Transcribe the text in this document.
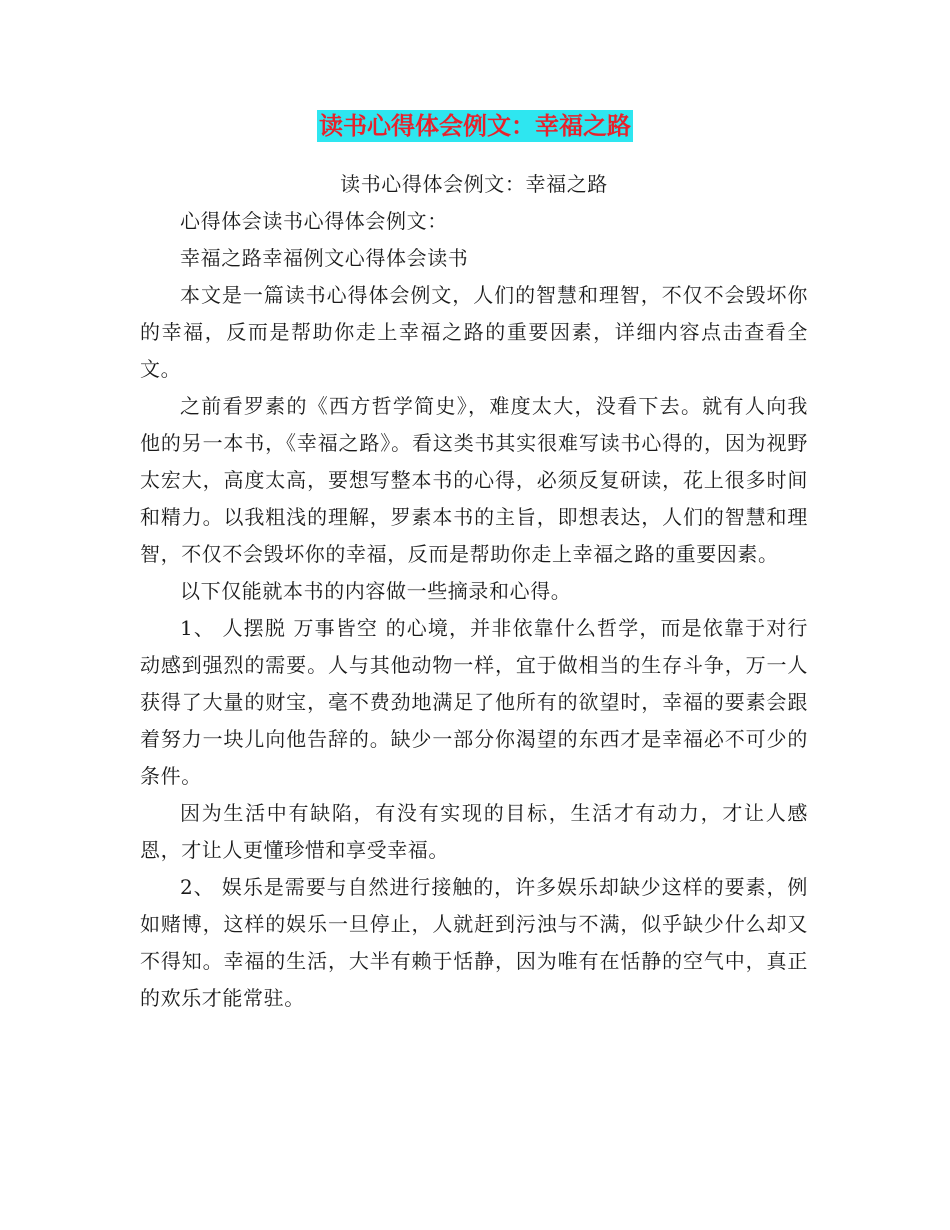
读书心得体会例文：幸福之路

读书心得体会例文：幸福之路

心得体会读书心得体会例文：

幸福之路幸福例文心得体会读书

本文是一篇读书心得体会例文，人们的智慧和理智，不仅不会毁坏你的幸福，反而是帮助你走上幸福之路的重要因素，详细内容点击查看全文。

之前看罗素的《西方哲学简史》，难度太大，没看下去。就有人向我他的另一本书，《幸福之路》。看这类书其实很难写读书心得的，因为视野太宏大，高度太高，要想写整本书的心得，必须反复研读，花上很多时间和精力。以我粗浅的理解，罗素本书的主旨，即想表达，人们的智慧和理智，不仅不会毁坏你的幸福，反而是帮助你走上幸福之路的重要因素。

以下仅能就本书的内容做一些摘录和心得。

1、 人摆脱 万事皆空 的心境，并非依靠什么哲学，而是依靠于对行动感到强烈的需要。人与其他动物一样，宜于做相当的生存斗争，万一人获得了大量的财宝，毫不费劲地满足了他所有的欲望时，幸福的要素会跟着努力一块儿向他告辞的。缺少一部分你渴望的东西才是幸福必不可少的条件。

因为生活中有缺陷，有没有实现的目标，生活才有动力，才让人感恩，才让人更懂珍惜和享受幸福。

2、 娱乐是需要与自然进行接触的，许多娱乐却缺少这样的要素，例如赌博，这样的娱乐一旦停止，人就赶到污浊与不满，似乎缺少什么却又不得知。幸福的生活，大半有赖于恬静，因为唯有在恬静的空气中，真正的欢乐才能常驻。
